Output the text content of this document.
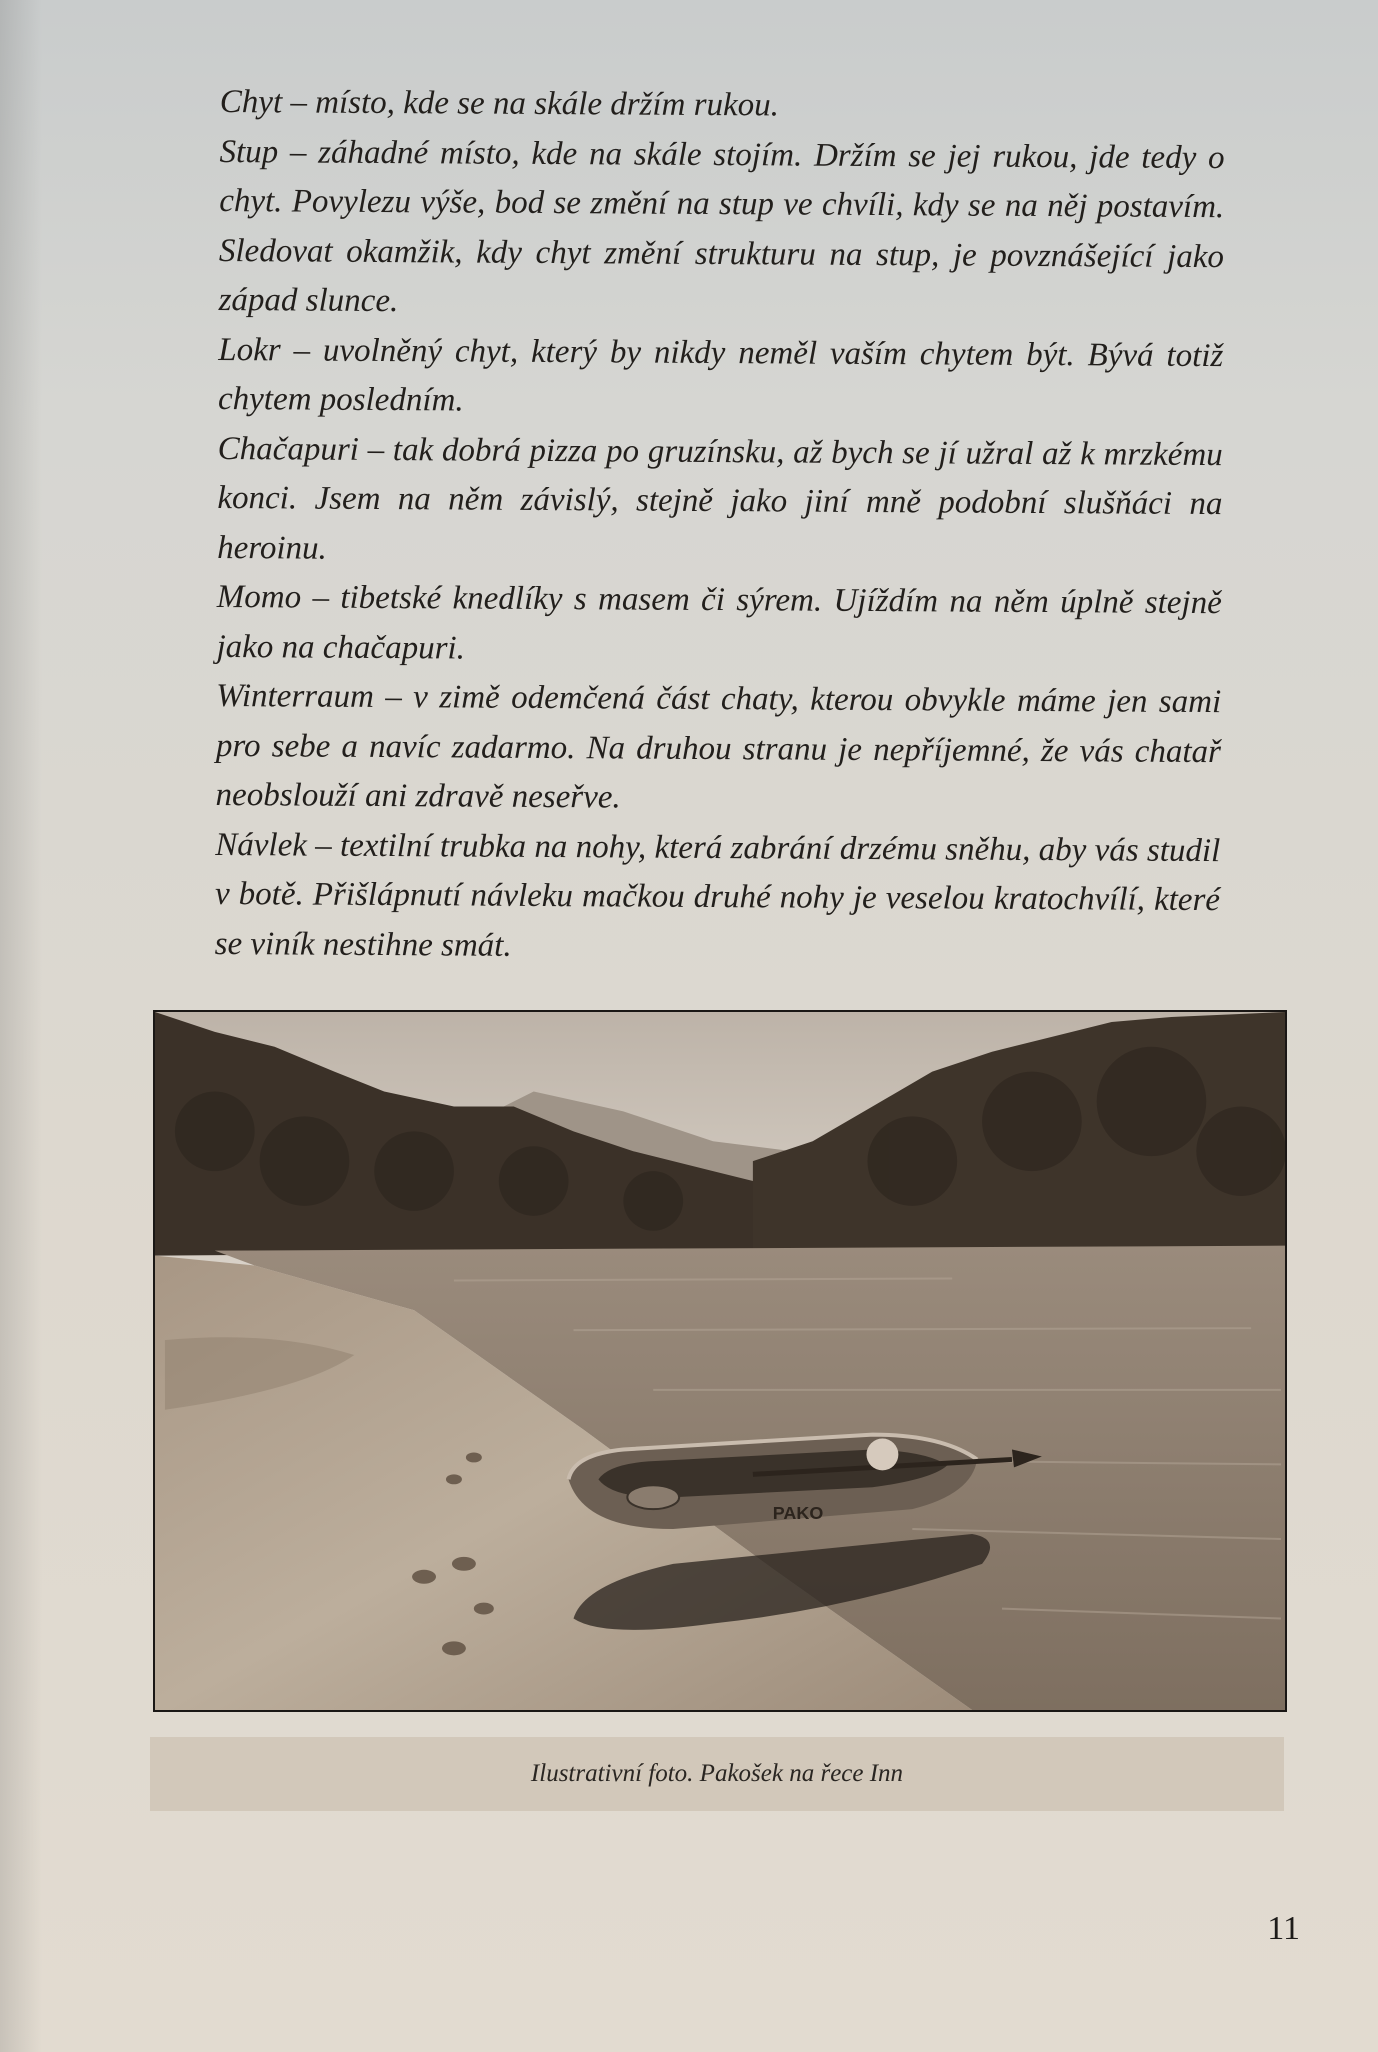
Chyt – místo, kde se na skále držím rukou.

Stup – záhadné místo, kde na skále stojím. Držím se jej rukou, jde tedy o chyt. Povylezu výše, bod se změní na stup ve chvíli, kdy se na něj postavím. Sledovat okamžik, kdy chyt změní strukturu na stup, je povznášející jako západ slunce.

Lokr – uvolněný chyt, který by nikdy neměl vaším chytem být. Bývá totiž chytem posledním.

Chačapuri – tak dobrá pizza po gruzínsku, až bych se jí užral až k mrzkému konci. Jsem na něm závislý, stejně jako jiní mně podobní slušňáci na heroinu.

Momo – tibetské knedlíky s masem či sýrem. Ujíždím na něm úplně stejně jako na chačapuri.

Winterraum – v zimě odemčená část chaty, kterou obvykle máme jen sami pro sebe a navíc zadarmo. Na druhou stranu je nepříjemné, že vás chatař neobslouží ani zdravě neseřve.

Návlek – textilní trubka na nohy, která zabrání drzému sněhu, aby vás studil v botě. Přišlápnutí návleku mačkou druhé nohy je veselou kratochvílí, které se viník nestihne smát.

PAKO
Ilustrativní foto. Pakošek na řece Inn
11
